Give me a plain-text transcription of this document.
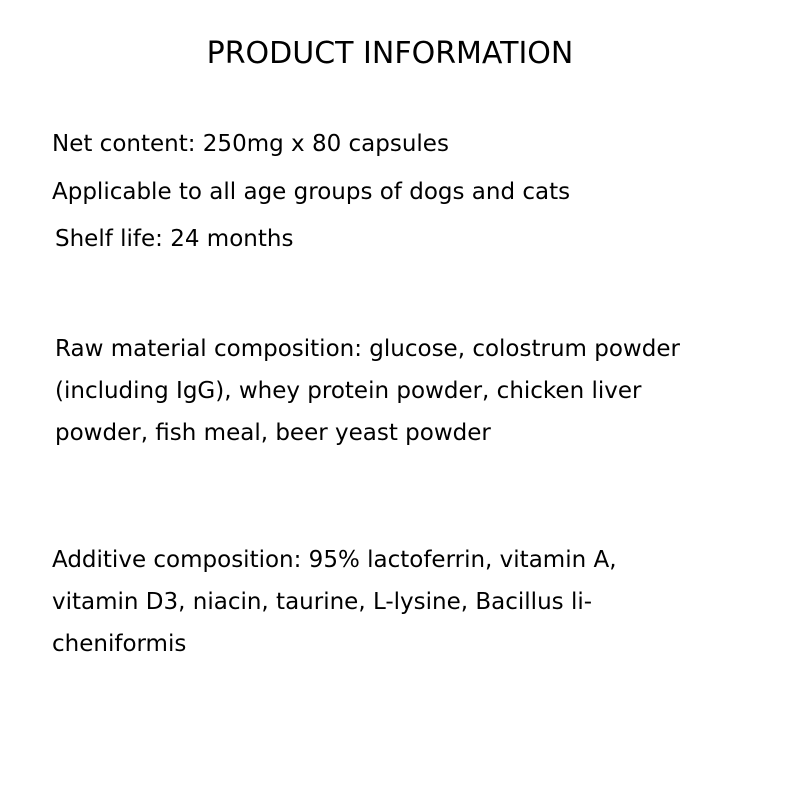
PRODUCT INFORMATION

Net content: 250mg x 80 capsules

Applicable to all age groups of dogs and cats

Shelf life: 24 months

Raw material composition: glucose, colostrum powder
(including IgG), whey protein powder, chicken liver
powder, fish meal, beer yeast powder
Additive composition: 95% lactoferrin, vitamin A,
vitamin D3, niacin, taurine, L-lysine, Bacillus li-
cheniformis
